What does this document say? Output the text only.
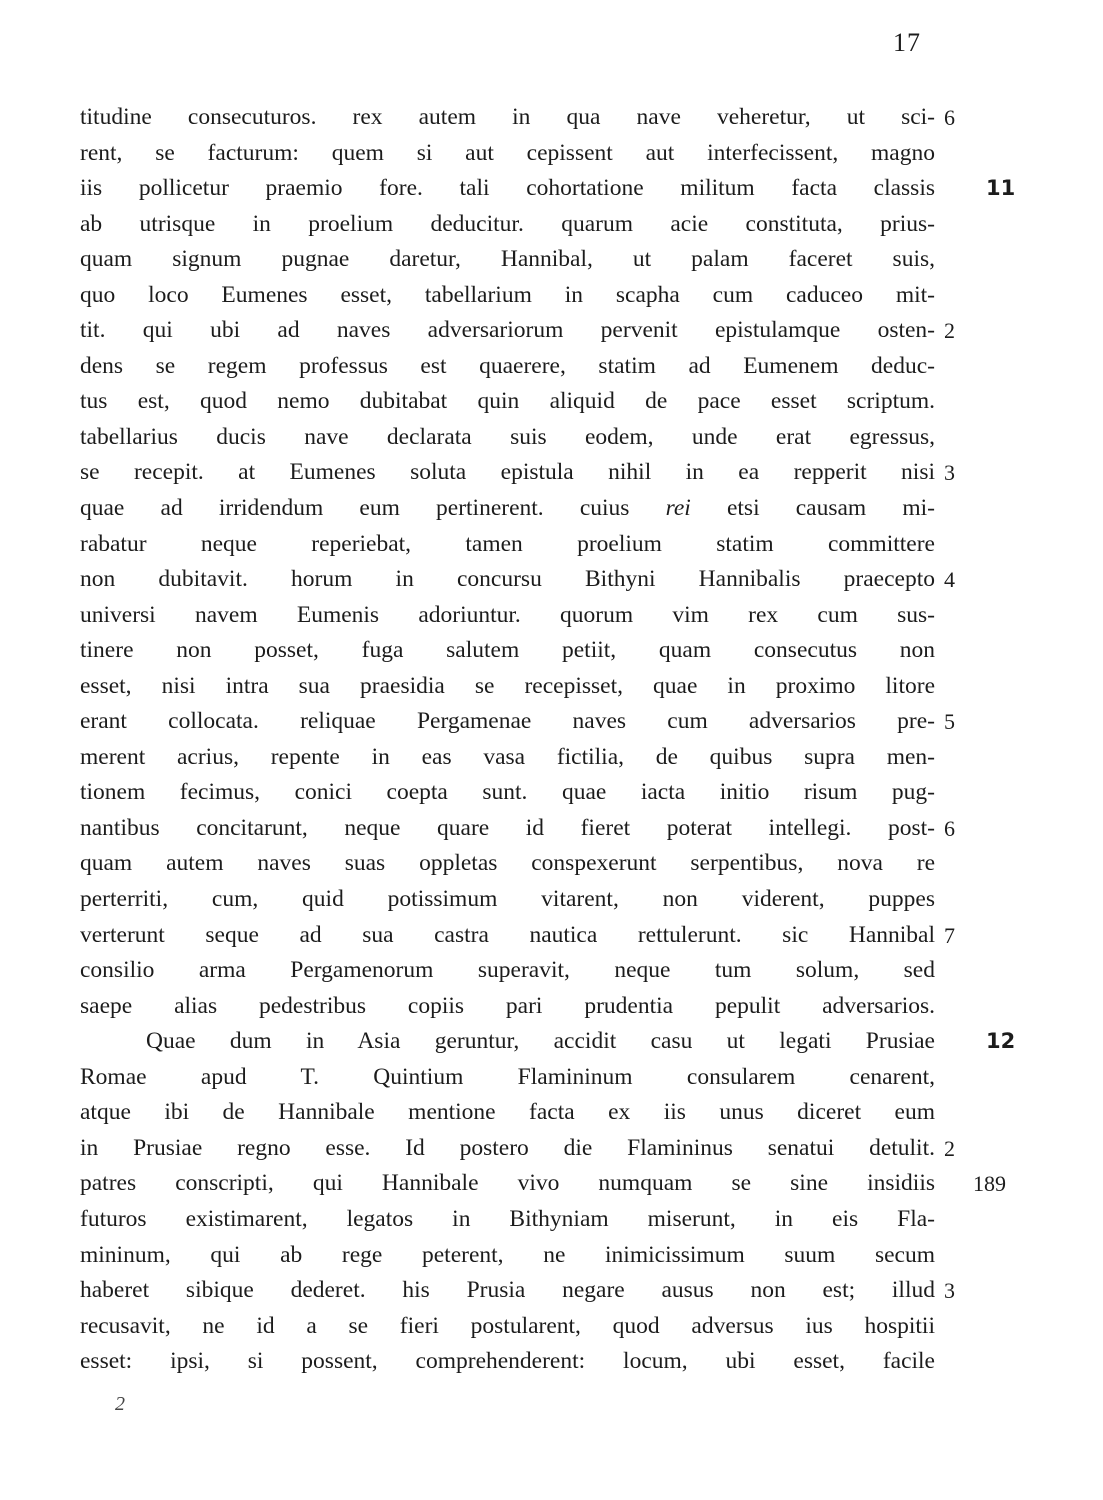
17
titudine consecuturos. rex autem in qua nave veheretur, ut sci- 6
rent, se facturum: quem si aut cepissent aut interfecissent, magno
iis pollicetur praemio fore. tali cohortatione militum facta classis 11
ab utrisque in proelium deducitur. quarum acie constituta, prius-
quam signum pugnae daretur, Hannibal, ut palam faceret suis,
quo loco Eumenes esset, tabellarium in scapha cum caduceo mit-
tit. qui ubi ad naves adversariorum pervenit epistulamque osten- 2
dens se regem professus est quaerere, statim ad Eumenem deduc-
tus est, quod nemo dubitabat quin aliquid de pace esset scriptum.
tabellarius ducis nave declarata suis eodem, unde erat egressus,
se recepit. at Eumenes soluta epistula nihil in ea repperit nisi 3
quae ad irridendum eum pertinerent. cuius rei etsi causam mi-
rabatur neque reperiebat, tamen proelium statim committere
non dubitavit. horum in concursu Bithyni Hannibalis praecepto 4
universi navem Eumenis adoriuntur. quorum vim rex cum sus-
tinere non posset, fuga salutem petiit, quam consecutus non
esset, nisi intra sua praesidia se recepisset, quae in proximo litore
erant collocata. reliquae Pergamenae naves cum adversarios pre- 5
merent acrius, repente in eas vasa fictilia, de quibus supra men-
tionem fecimus, conici coepta sunt. quae iacta initio risum pug-
nantibus concitarunt, neque quare id fieret poterat intellegi. post- 6
quam autem naves suas oppletas conspexerunt serpentibus, nova re
perterriti, cum, quid potissimum vitarent, non viderent, puppes
verterunt seque ad sua castra nautica rettulerunt. sic Hannibal 7
consilio arma Pergamenorum superavit, neque tum solum, sed
saepe alias pedestribus copiis pari prudentia pepulit adversarios.
Quae dum in Asia geruntur, accidit casu ut legati Prusiae 12
Romae apud T. Quintium Flamininum consularem cenarent,
atque ibi de Hannibale mentione facta ex iis unus diceret eum
in Prusiae regno esse. Id postero die Flamininus senatui detulit. 2
patres conscripti, qui Hannibale vivo numquam se sine insidiis 189
futuros existimarent, legatos in Bithyniam miserunt, in eis Fla-
mininum, qui ab rege peterent, ne inimicissimum suum secum
haberet sibique dederet. his Prusia negare ausus non est; illud 3
recusavit, ne id a se fieri postularent, quod adversus ius hospitii
esset: ipsi, si possent, comprehenderent: locum, ubi esset, facile
2
